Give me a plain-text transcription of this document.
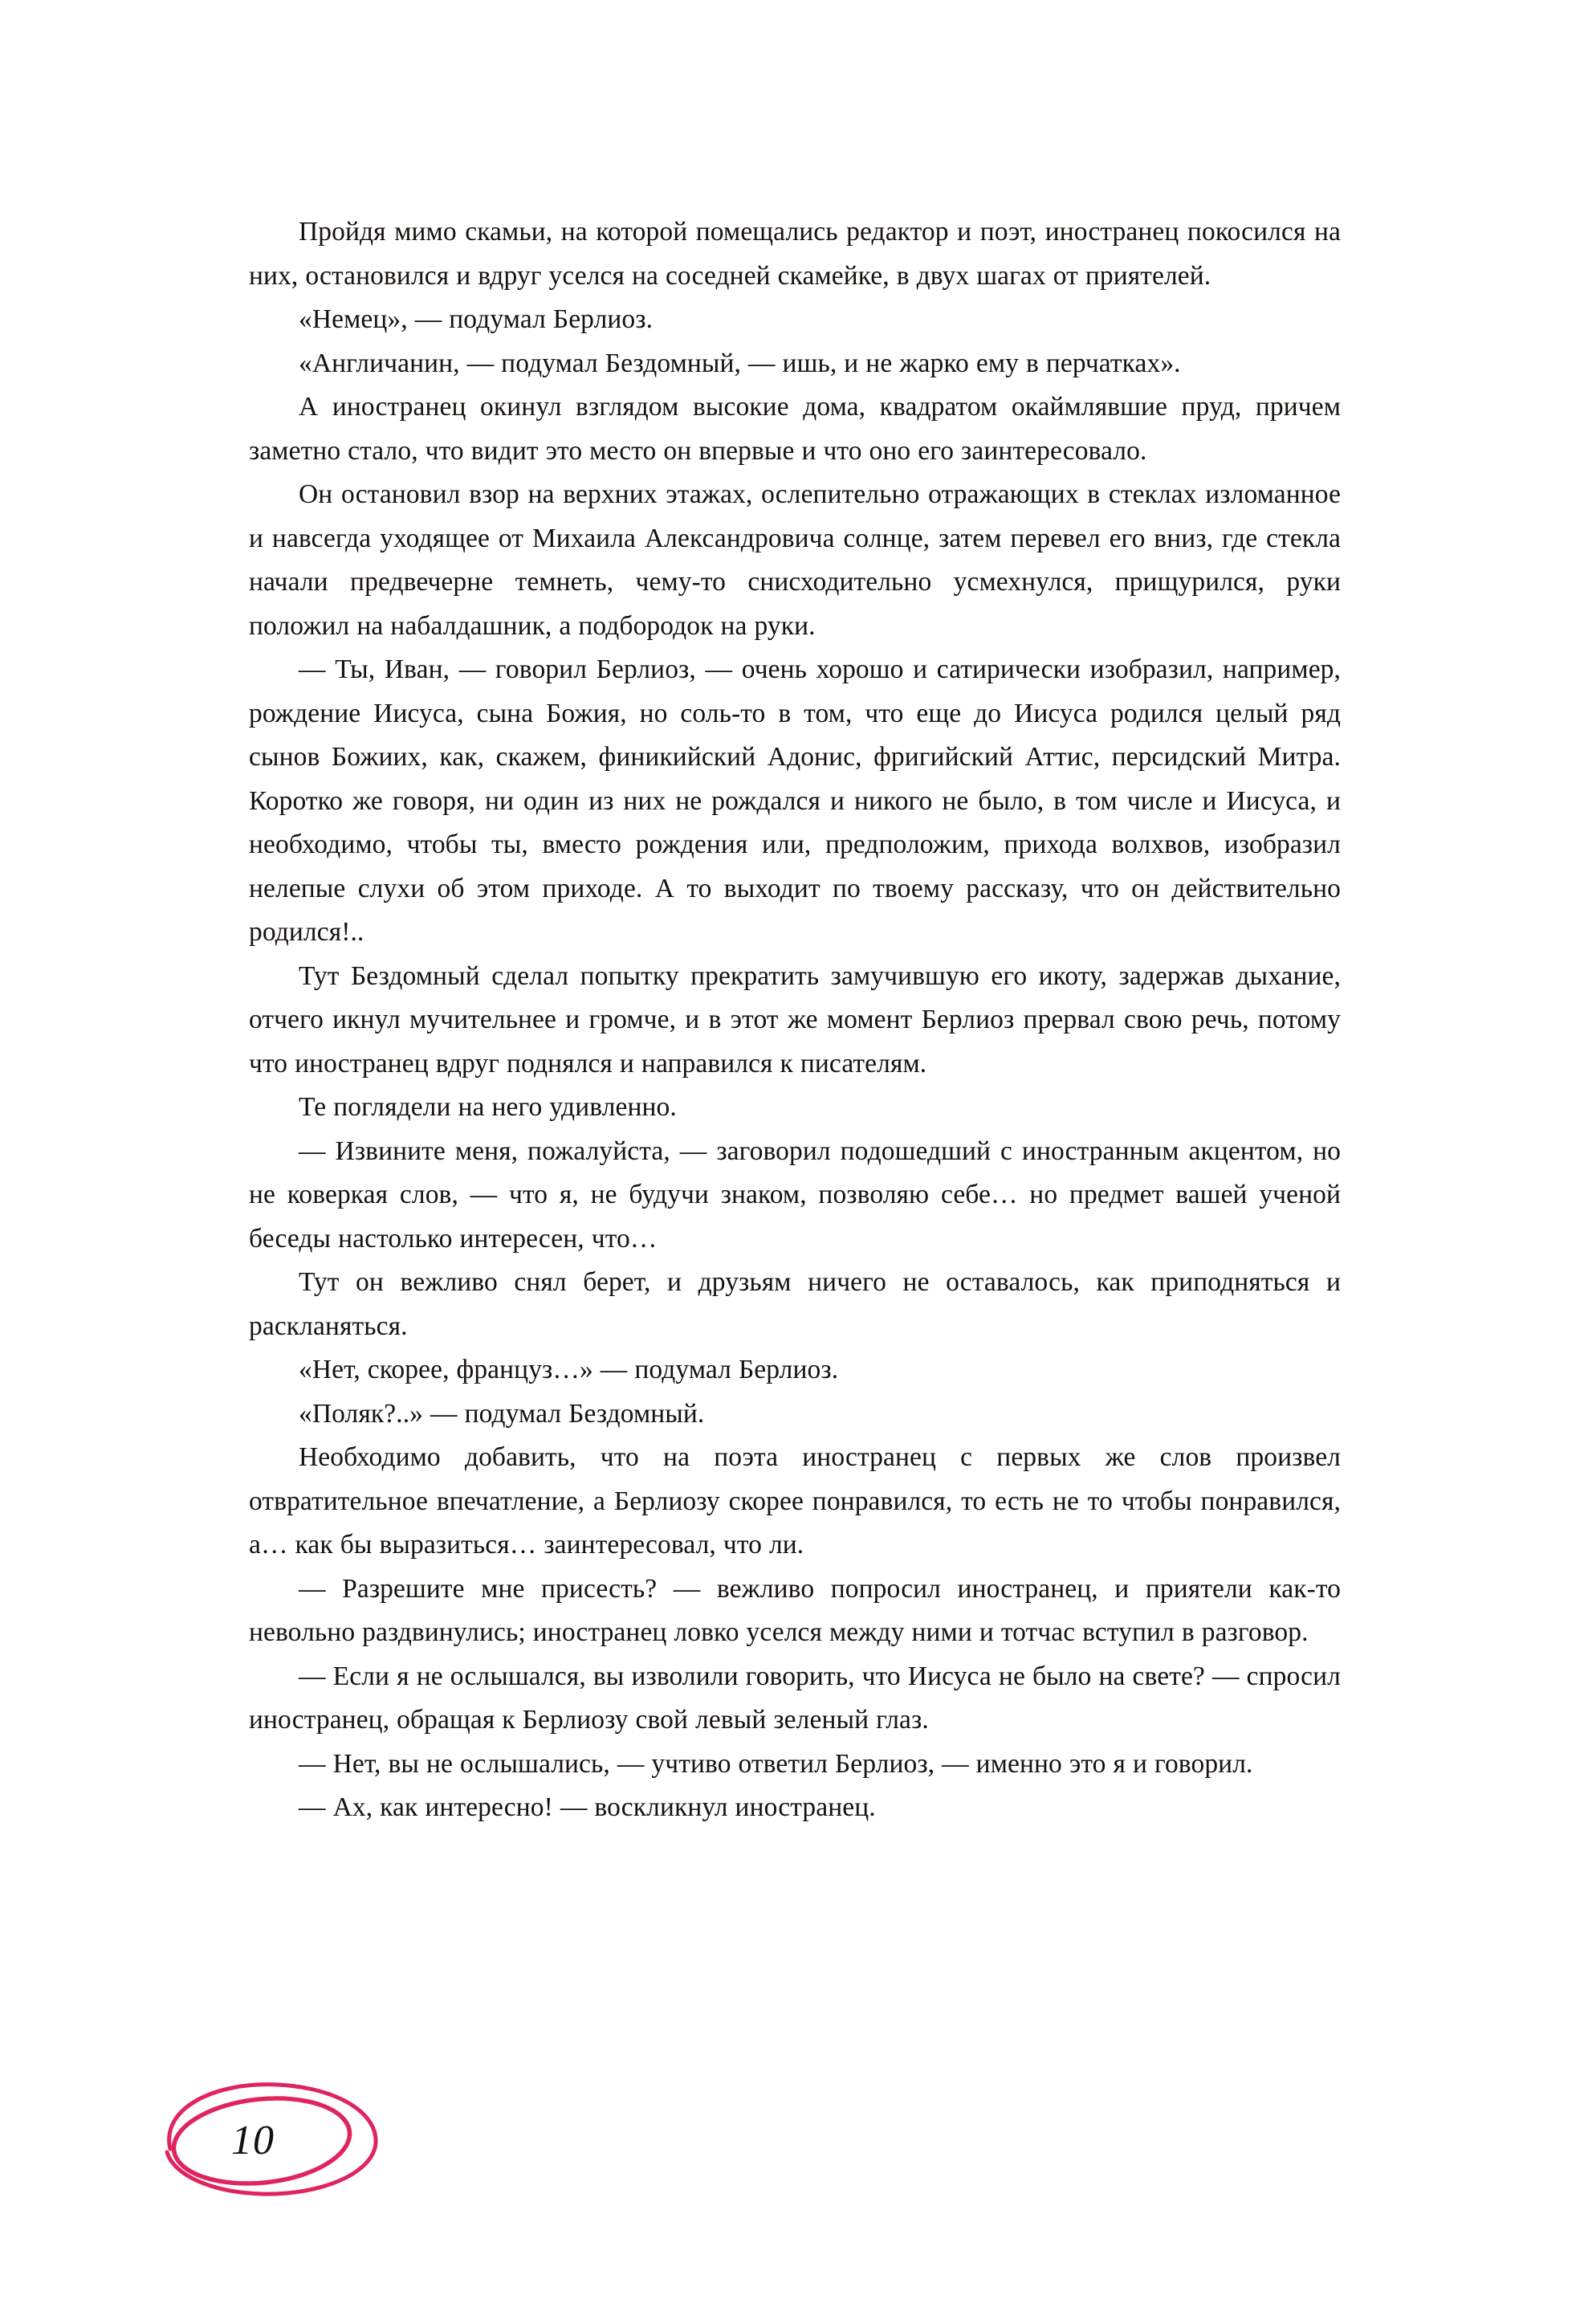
Пройдя мимо скамьи, на которой помещались редактор и поэт, иностранец покосился на них, остановился и вдруг уселся на соседней скамейке, в двух шагах от приятелей.

«Немец», — подумал Берлиоз.

«Англичанин, — подумал Бездомный, — ишь, и не жарко ему в перчатках».

А иностранец окинул взглядом высокие дома, квадратом окаймлявшие пруд, причем заметно стало, что видит это место он впервые и что оно его заинтересовало.

Он остановил взор на верхних этажах, ослепительно отражающих в стеклах изломанное и навсегда уходящее от Михаила Александровича солнце, затем перевел его вниз, где стекла начали предвечерне темнеть, чему-то снисходительно усмехнулся, прищурился, руки положил на набалдашник, а подбородок на руки.

— Ты, Иван, — говорил Берлиоз, — очень хорошо и сатирически изобразил, например, рождение Иисуса, сына Божия, но соль-то в том, что еще до Иисуса родился целый ряд сынов Божиих, как, скажем, финикийский Адонис, фригийский Аттис, персидский Митра. Коротко же говоря, ни один из них не рождался и никого не было, в том числе и Иисуса, и необходимо, чтобы ты, вместо рождения или, предположим, прихода волхвов, изобразил нелепые слухи об этом приходе. А то выходит по твоему рассказу, что он действительно родился!..

Тут Бездомный сделал попытку прекратить замучившую его икоту, задержав дыхание, отчего икнул мучительнее и громче, и в этот же момент Берлиоз прервал свою речь, потому что иностранец вдруг поднялся и направился к писателям.

Те поглядели на него удивленно.

— Извините меня, пожалуйста, — заговорил подошедший с иностранным акцентом, но не коверкая слов, — что я, не будучи знаком, позволяю себе… но предмет вашей ученой беседы настолько интересен, что…

Тут он вежливо снял берет, и друзьям ничего не оставалось, как приподняться и раскланяться.

«Нет, скорее, француз…» — подумал Берлиоз.

«Поляк?..» — подумал Бездомный.

Необходимо добавить, что на поэта иностранец с первых же слов произвел отвратительное впечатление, а Берлиозу скорее понравился, то есть не то чтобы понравился, а… как бы выразиться… заинтересовал, что ли.

— Разрешите мне присесть? — вежливо попросил иностранец, и приятели как-то невольно раздвинулись; иностранец ловко уселся между ними и тотчас вступил в разговор.

— Если я не ослышался, вы изволили говорить, что Иисуса не было на свете? — спросил иностранец, обращая к Берлиозу свой левый зеленый глаз.

— Нет, вы не ослышались, — учтиво ответил Берлиоз, — именно это я и говорил.

— Ах, как интересно! — воскликнул иностранец.

10
